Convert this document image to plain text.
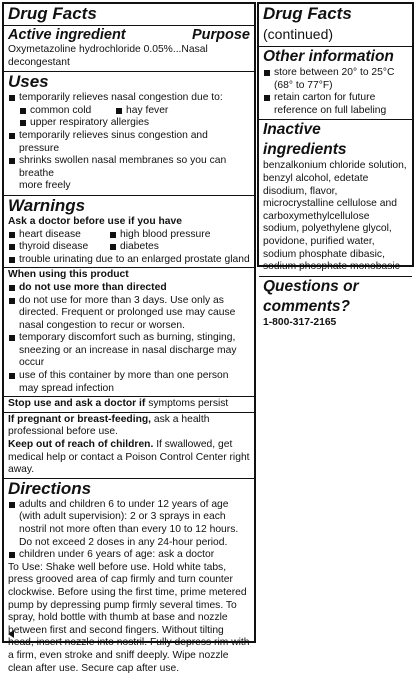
Drug Facts

Active ingredient	Purpose

Oxymetazoline hydrochloride 0.05%...Nasal decongestant

Uses

temporarily relieves nasal congestion due to:
common cold	hay fever
upper respiratory allergies
temporarily relieves sinus congestion and pressure
shrinks swollen nasal membranes so you can breathe
more freely

Warnings

Ask a doctor before use if you have

heart disease	high blood pressure
thyroid disease	diabetes
trouble urinating due to an enlarged prostate gland

When using this product

do not use more than directed
do not use for more than 3 days. Use only as directed. Frequent or prolonged use may cause nasal congestion to recur or worsen.
temporary discomfort such as burning, stinging, sneezing or an increase in nasal discharge may occur
use of this container by more than one person may spread infection

Stop use and ask a doctor if symptoms persist

If pregnant or breast-feeding, ask a health professional before use.

Keep out of reach of children. If swallowed, get medical help or contact a Poison Control Center right away.

Directions

adults and children 6 to under 12 years of age (with adult supervision): 2 or 3 sprays in each nostril not more often than every 10 to 12 hours. Do not exceed 2 doses in any 24-hour period.
children under 6 years of age: ask a doctor

To Use: Shake well before use. Hold white tabs, press grooved area of cap firmly and turn counter clockwise. Before using the first time, prime metered pump by depressing pump firmly several times. To spray, hold bottle with thumb at base and nozzle between first and second fingers. Without tilting head, insert nozzle into nostril. Fully depress rim with a firm, even stroke and sniff deeply. Wipe nozzle clean after use. Secure cap after use.

Drug Facts (continued)

Other information

store between 20° to 25°C (68° to 77°F)
retain carton for future reference on full labeling

Inactive ingredients

benzalkonium chloride solution, benzyl alcohol, edetate disodium, flavor, microcrystalline cellulose and carboxymethylcellulose sodium, polyethylene glycol, povidone, purified water, sodium phosphate dibasic, sodium phosphate monobasic

Questions or comments?

1-800-317-2165
